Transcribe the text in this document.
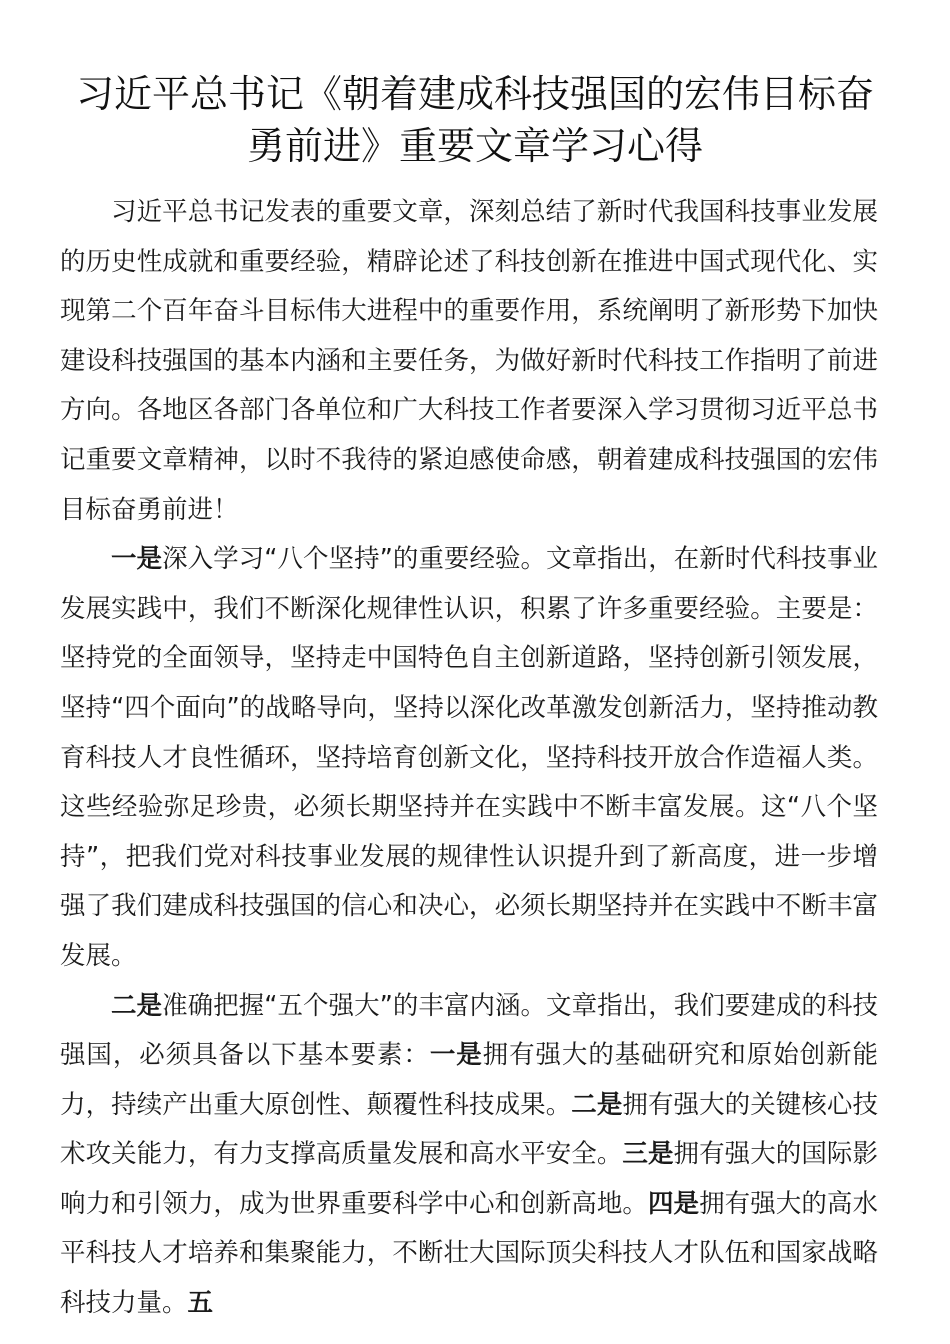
习近平总书记《朝着建成科技强国的宏伟目标奋勇前进》重要文章学习心得

习近平总书记发表的重要文章，深刻总结了新时代我国科技事业发展的历史性成就和重要经验，精辟论述了科技创新在推进中国式现代化、实现第二个百年奋斗目标伟大进程中的重要作用，系统阐明了新形势下加快建设科技强国的基本内涵和主要任务，为做好新时代科技工作指明了前进方向。各地区各部门各单位和广大科技工作者要深入学习贯彻习近平总书记重要文章精神，以时不我待的紧迫感使命感，朝着建成科技强国的宏伟目标奋勇前进！

一是深入学习“八个坚持”的重要经验。文章指出，在新时代科技事业发展实践中，我们不断深化规律性认识，积累了许多重要经验。主要是：坚持党的全面领导，坚持走中国特色自主创新道路，坚持创新引领发展，坚持“四个面向”的战略导向，坚持以深化改革激发创新活力，坚持推动教育科技人才良性循环，坚持培育创新文化，坚持科技开放合作造福人类。这些经验弥足珍贵，必须长期坚持并在实践中不断丰富发展。这“八个坚持”，把我们党对科技事业发展的规律性认识提升到了新高度，进一步增强了我们建成科技强国的信心和决心，必须长期坚持并在实践中不断丰富发展。

二是准确把握“五个强大”的丰富内涵。文章指出，我们要建成的科技强国，必须具备以下基本要素：一是拥有强大的基础研究和原始创新能力，持续产出重大原创性、颠覆性科技成果。二是拥有强大的关键核心技术攻关能力，有力支撑高质量发展和高水平安全。三是拥有强大的国际影响力和引领力，成为世界重要科学中心和创新高地。四是拥有强大的高水平科技人才培养和集聚能力，不断壮大国际顶尖科技人才队伍和国家战略科技力量。五
